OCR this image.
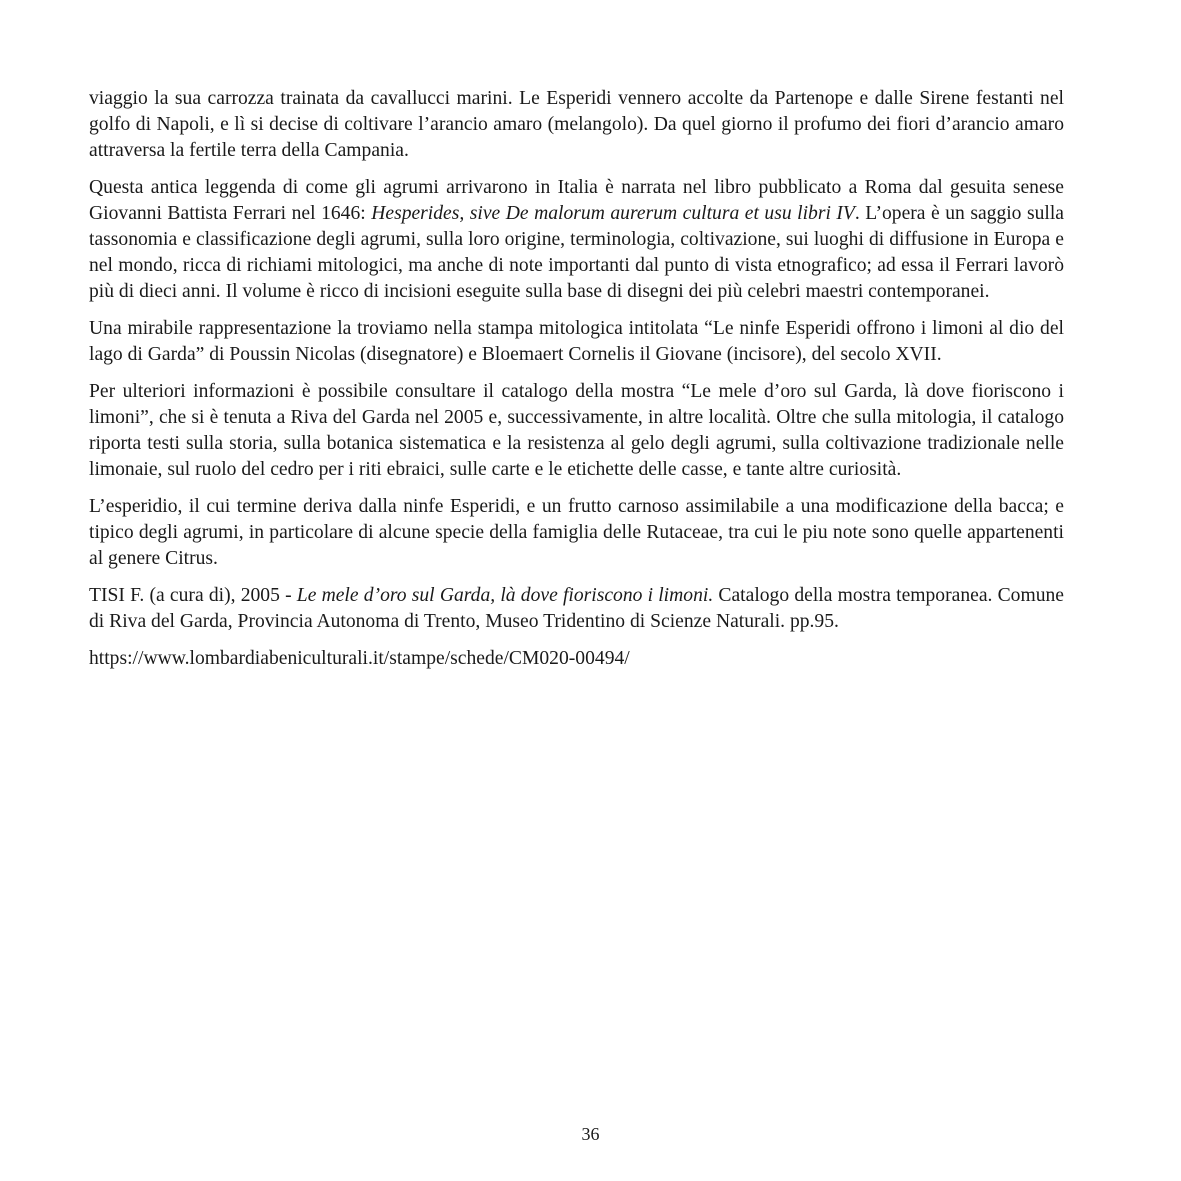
viaggio la sua carrozza trainata da cavallucci marini. Le Esperidi vennero accolte da Partenope e dalle Sirene festanti nel golfo di Napoli, e lì si decise di coltivare l’arancio amaro (melangolo). Da quel giorno il profumo dei fiori d’arancio amaro attraversa la fertile terra della Campania.

Questa antica leggenda di come gli agrumi arrivarono in Italia è narrata nel libro pubblicato a Roma dal gesuita senese Giovanni Battista Ferrari nel 1646: Hesperides, sive De malorum aurerum cultura et usu libri IV. L’opera è un saggio sulla tassonomia e classificazione degli agrumi, sulla loro origine, terminologia, coltivazione, sui luoghi di diffusione in Europa e nel mondo, ricca di richiami mitologici, ma anche di note importanti dal punto di vista etnografico; ad essa il Ferrari lavorò più di dieci anni. Il volume è ricco di incisioni eseguite sulla base di disegni dei più celebri maestri contemporanei.

Una mirabile rappresentazione la troviamo nella stampa mitologica intitolata “Le ninfe Esperidi offrono i limoni al dio del lago di Garda” di Poussin Nicolas (disegnatore) e Bloemaert Cornelis il Giovane (incisore), del secolo XVII.

Per ulteriori informazioni è possibile consultare il catalogo della mostra “Le mele d’oro sul Garda, là dove fioriscono i limoni”, che si è tenuta a Riva del Garda nel 2005 e, successivamente, in altre località. Oltre che sulla mitologia, il catalogo riporta testi sulla storia, sulla botanica sistematica e la resistenza al gelo degli agrumi, sulla coltivazione tradizionale nelle limonaie, sul ruolo del cedro per i riti ebraici, sulle carte e le etichette delle casse, e tante altre curiosità.

L’esperidio, il cui termine deriva dalla ninfe Esperidi, e un frutto carnoso assimilabile a una modificazione della bacca; e tipico degli agrumi, in particolare di alcune specie della famiglia delle Rutaceae, tra cui le piu note sono quelle appartenenti al genere Citrus.

TISI F. (a cura di), 2005 - Le mele d’oro sul Garda, là dove fioriscono i limoni. Catalogo della mostra temporanea. Comune di Riva del Garda, Provincia Autonoma di Trento, Museo Tridentino di Scienze Naturali. pp.95.

https://www.lombardiabeniculturali.it/stampe/schede/CM020-00494/

36
